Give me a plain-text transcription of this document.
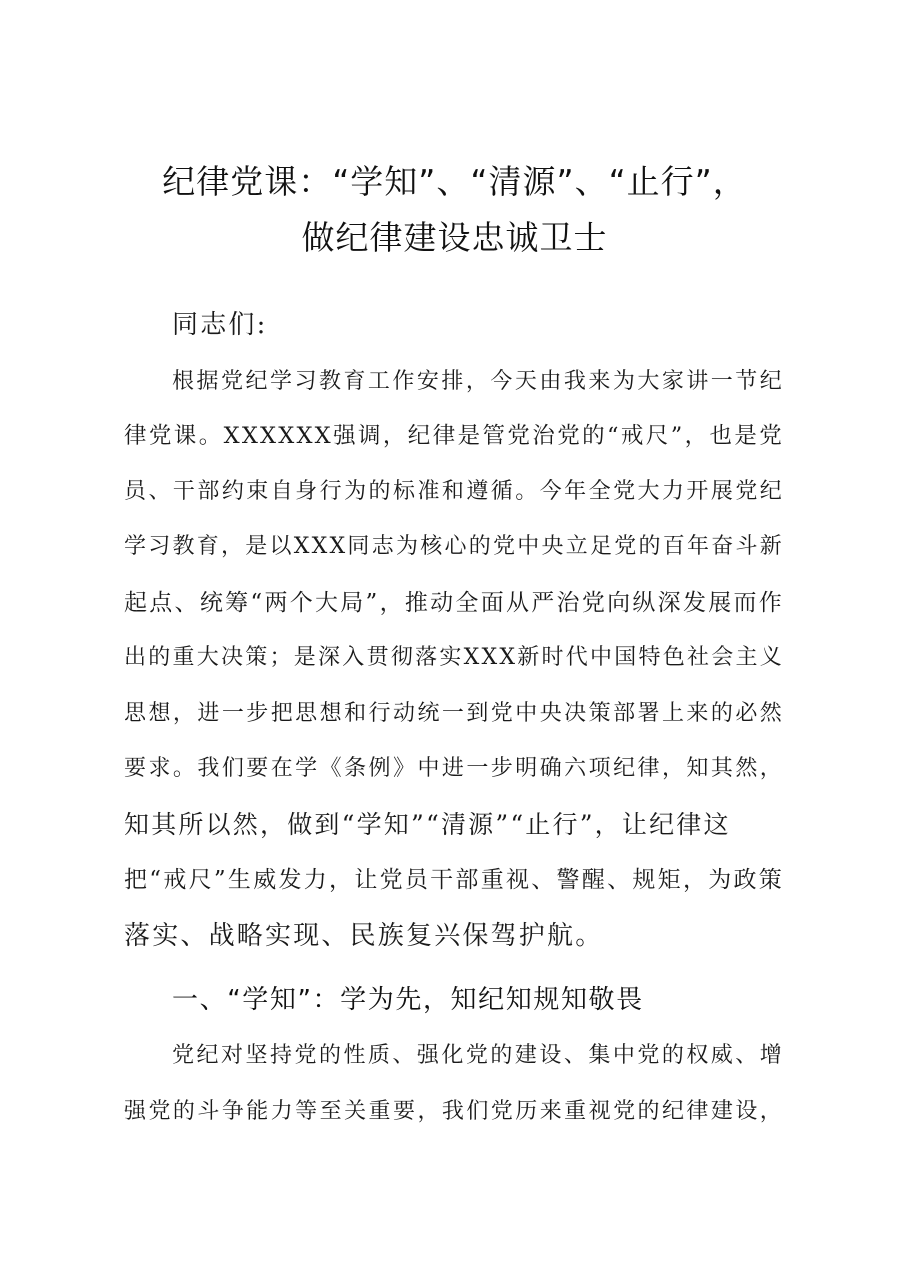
纪律党课：“学知”、“清源”、“止行”，
做纪律建设忠诚卫士
同志们:
根据党纪学习教育工作安排，今天由我来为大家讲一节纪
律党课。XXXXXX强调，纪律是管党治党的“戒尺”，也是党
员、干部约束自身行为的标准和遵循。今年全党大力开展党纪
学习教育，是以XXX同志为核心的党中央立足党的百年奋斗新
起点、统筹“两个大局”，推动全面从严治党向纵深发展而作
出的重大决策；是深入贯彻落实XXX新时代中国特色社会主义
思想，进一步把思想和行动统一到党中央决策部署上来的必然
要求。我们要在学《条例》中进一步明确六项纪律，知其然，
知其所以然，做到“学知”“清源”“止行”，让纪律这
把“戒尺”生威发力，让党员干部重视、警醒、规矩，为政策
落实、战略实现、民族复兴保驾护航。
一、“学知”：学为先，知纪知规知敬畏
党纪对坚持党的性质、强化党的建设、集中党的权威、增
强党的斗争能力等至关重要，我们党历来重视党的纪律建设，
